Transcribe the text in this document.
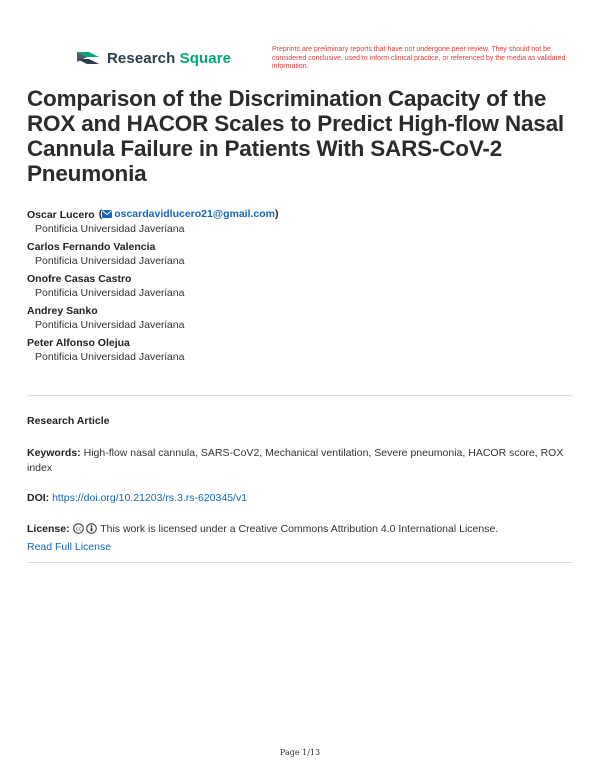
Research Square	Preprints are preliminary reports that have not undergone peer review. They should not be considered conclusive, used to inform clinical practice, or referenced by the media as validated information.
Comparison of the Discrimination Capacity of the ROX and HACOR Scales to Predict High-flow Nasal Cannula Failure in Patients With SARS-CoV-2 Pneumonia
Oscar Lucero ( oscardavidlucero21@gmail.com)
Pontificia Universidad Javeriana
Carlos Fernando Valencia
Pontificia Universidad Javeriana
Onofre Casas Castro
Pontificia Universidad Javeriana
Andrey Sanko
Pontificia Universidad Javeriana
Peter Alfonso Olejua
Pontificia Universidad Javeriana
Research Article
Keywords: High-flow nasal cannula, SARS-CoV2, Mechanical ventilation, Severe pneumonia, HACOR score, ROX index
DOI: https://doi.org/10.21203/rs.3.rs-620345/v1
License: cc This work is licensed under a Creative Commons Attribution 4.0 International License.
Read Full License
Page 1/13
